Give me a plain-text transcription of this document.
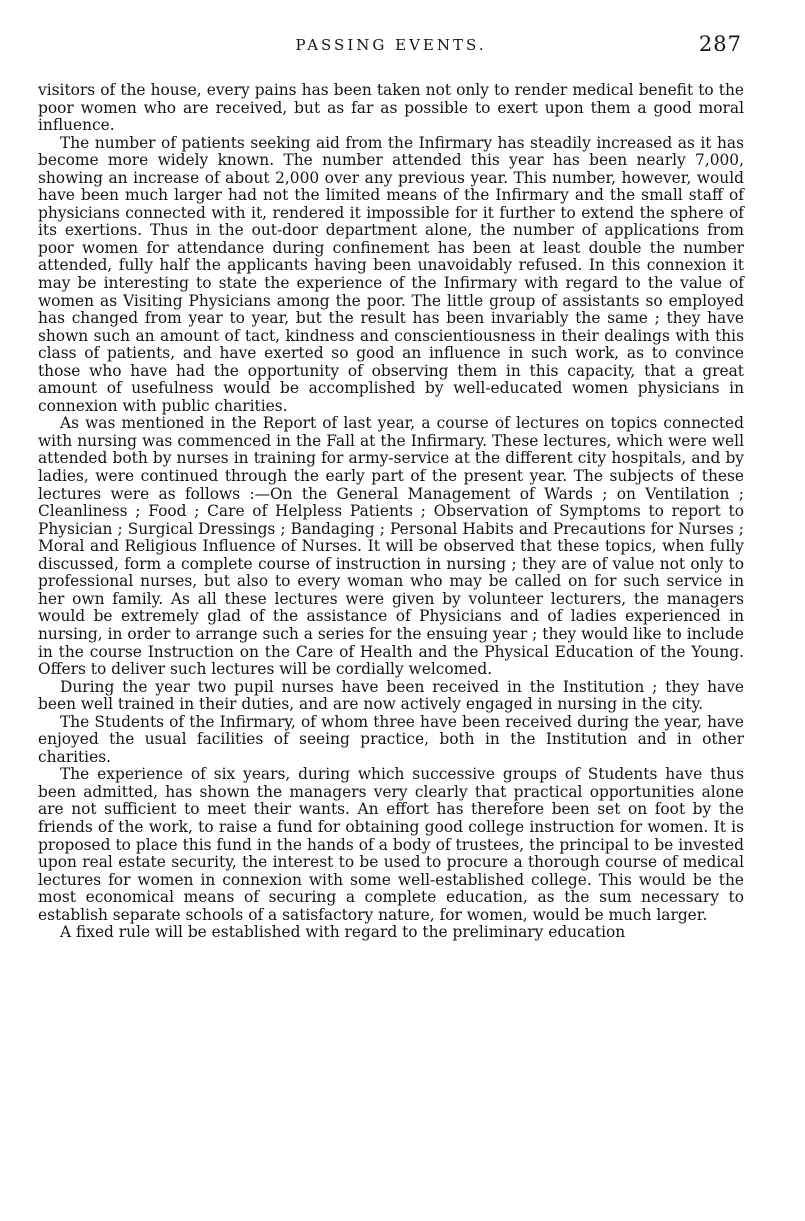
PASSING EVENTS.	287

visitors of the house, every pains has been taken not only to render medical benefit to the poor women who are received, but as far as possible to exert upon them a good moral influence.

The number of patients seeking aid from the Infirmary has steadily increased as it has become more widely known. The number attended this year has been nearly 7,000, showing an increase of about 2,000 over any previous year. This number, however, would have been much larger had not the limited means of the Infirmary and the small staff of physicians connected with it, rendered it impossible for it further to extend the sphere of its exertions. Thus in the out-door department alone, the number of applications from poor women for attendance during confinement has been at least double the number attended, fully half the applicants having been unavoidably refused. In this connexion it may be interesting to state the experience of the Infirmary with regard to the value of women as Visiting Physicians among the poor. The little group of assistants so employed has changed from year to year, but the result has been invariably the same ; they have shown such an amount of tact, kindness and conscientiousness in their dealings with this class of patients, and have exerted so good an influence in such work, as to convince those who have had the opportunity of observing them in this capacity, that a great amount of usefulness would be accomplished by well-educated women physicians in connexion with public charities.

As was mentioned in the Report of last year, a course of lectures on topics connected with nursing was commenced in the Fall at the Infirmary. These lectures, which were well attended both by nurses in training for army-service at the different city hospitals, and by ladies, were continued through the early part of the present year. The subjects of these lectures were as follows :—On the General Management of Wards ; on Ventilation ; Cleanliness ; Food ; Care of Helpless Patients ; Observation of Symptoms to report to Physician ; Surgical Dressings ; Bandaging ; Personal Habits and Precautions for Nurses ; Moral and Religious Influence of Nurses. It will be observed that these topics, when fully discussed, form a complete course of instruction in nursing ; they are of value not only to professional nurses, but also to every woman who may be called on for such service in her own family. As all these lectures were given by volunteer lecturers, the managers would be extremely glad of the assistance of Physicians and of ladies experienced in nursing, in order to arrange such a series for the ensuing year ; they would like to include in the course Instruction on the Care of Health and the Physical Education of the Young. Offers to deliver such lectures will be cordially welcomed.

During the year two pupil nurses have been received in the Institution ; they have been well trained in their duties, and are now actively engaged in nursing in the city.

The Students of the Infirmary, of whom three have been received during the year, have enjoyed the usual facilities of seeing practice, both in the Institution and in other charities.

The experience of six years, during which successive groups of Students have thus been admitted, has shown the managers very clearly that practical opportunities alone are not sufficient to meet their wants. An effort has therefore been set on foot by the friends of the work, to raise a fund for obtaining good college instruction for women. It is proposed to place this fund in the hands of a body of trustees, the principal to be invested upon real estate security, the interest to be used to procure a thorough course of medical lectures for women in connexion with some well-established college. This would be the most economical means of securing a complete education, as the sum necessary to establish separate schools of a satisfactory nature, for women, would be much larger.

A fixed rule will be established with regard to the preliminary education
